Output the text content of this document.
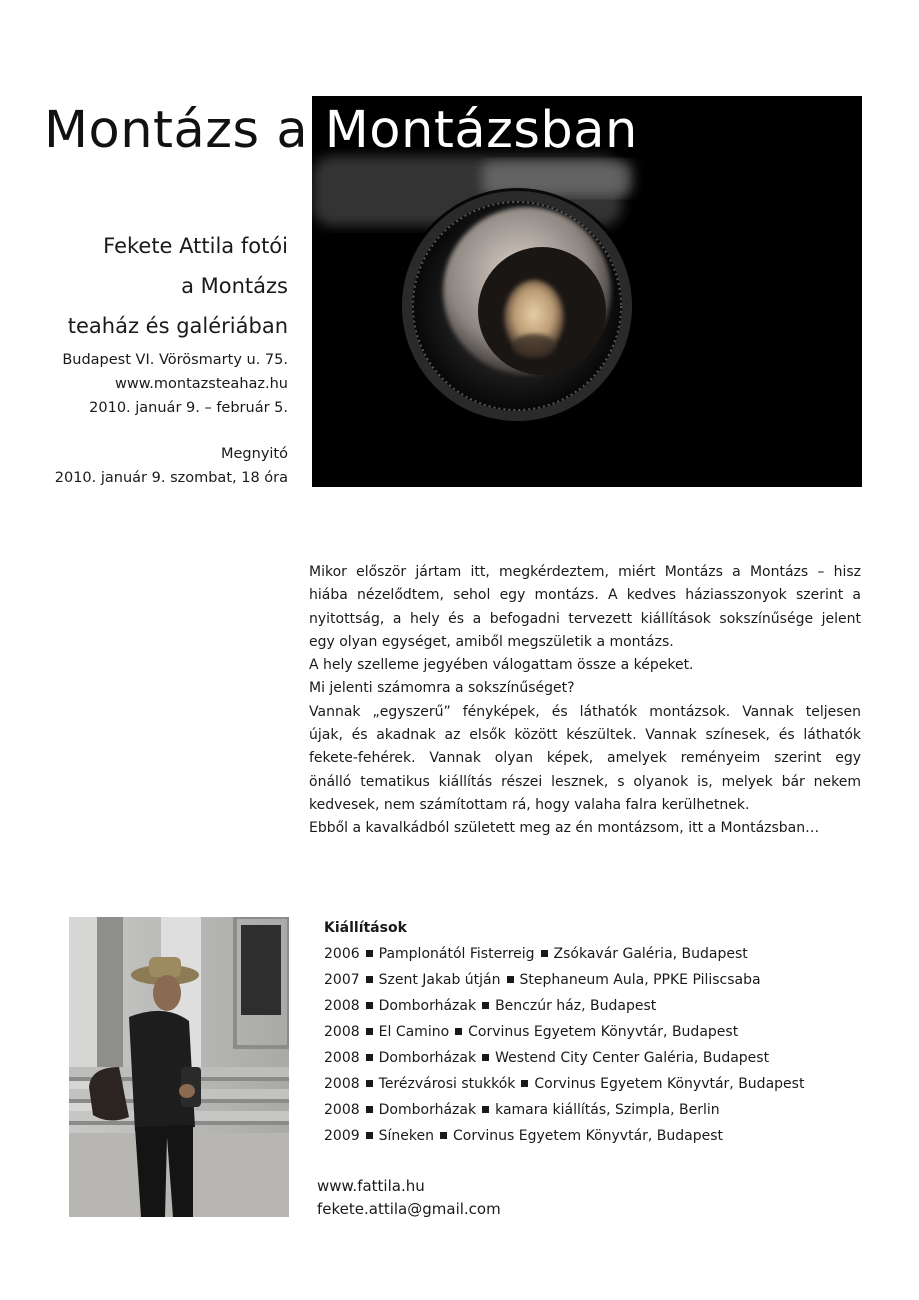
Montázs a Montázsban
Fekete Attila fotói
a Montázs
teaház és galériában
Budapest VI. Vörösmarty u. 75.
www.montazsteahaz.hu
2010. január 9. – február 5.
Megnyitó
2010. január 9. szombat, 18 óra

Mikor először jártam itt, megkérdeztem, miért Montázs a Montázs – hisz

hiába nézelődtem, sehol egy montázs. A kedves háziasszonyok szerint a

nyitottság, a hely és a befogadni tervezett kiállítások sokszínűsége jelent

egy olyan egységet, amiből megszületik a montázs.

A hely szelleme jegyében válogattam össze a képeket.

Mi jelenti számomra a sokszínűséget?

Vannak „egyszerű” fényképek, és láthatók montázsok. Vannak teljesen

újak, és akadnak az elsők között készültek. Vannak színesek, és láthatók

fekete-fehérek. Vannak olyan képek, amelyek reményeim szerint egy

önálló tematikus kiállítás részei lesznek, s olyanok is, melyek bár nekem

kedvesek, nem számítottam rá, hogy valaha falra kerülhetnek.

Ebből a kavalkádból született meg az én montázsom, itt a Montázsban…

Kiállítások
2006 Pamplonától Fisterreig Zsókavár Galéria, Budapest
2007 Szent Jakab útján Stephaneum Aula, PPKE Piliscsaba
2008 Domborházak Benczúr ház, Budapest
2008 El Camino Corvinus Egyetem Könyvtár, Budapest
2008 Domborházak Westend City Center Galéria, Budapest
2008 Terézvárosi stukkók Corvinus Egyetem Könyvtár, Budapest
2008 Domborházak kamara kiállítás, Szimpla, Berlin
2009 Síneken Corvinus Egyetem Könyvtár, Budapest
www.fattila.hu
fekete.attila@gmail.com
